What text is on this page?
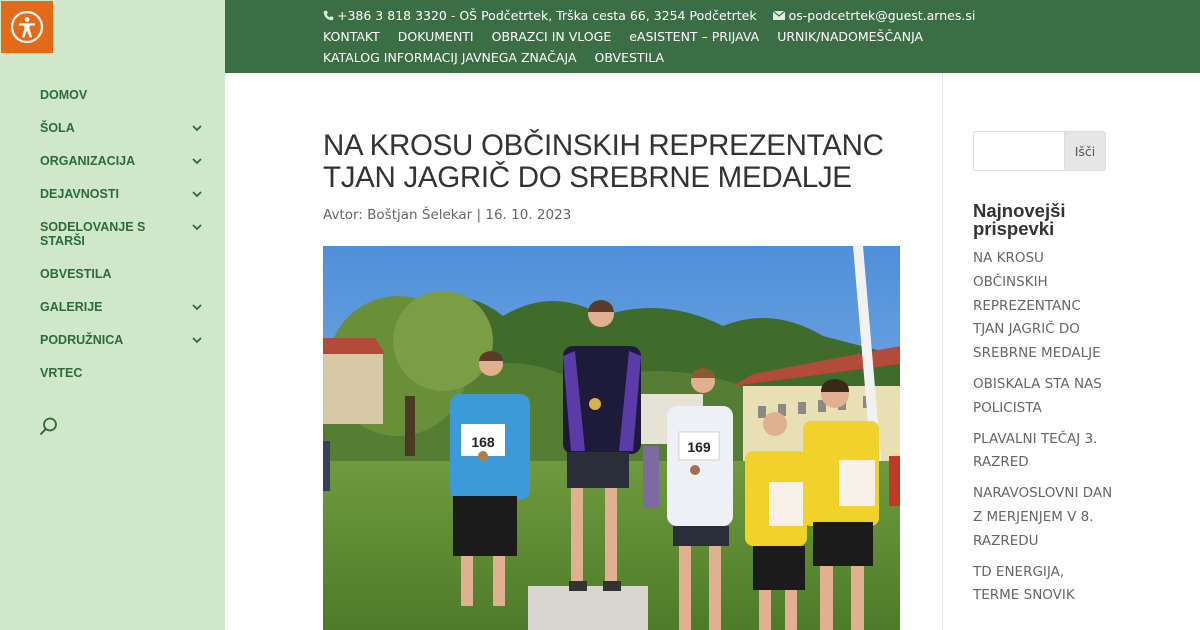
DOMOV
ŠOLA
ORGANIZACIJA
DEJAVNOSTI
SODELOVANJE S STARŠI
OBVESTILA
GALERIJE
PODRUŽNICA
VRTEC
+386 3 818 3320 - OŠ Podčetrtek, Trška cesta 66, 3254 Podčetrtek	os-podcetrtek@guest.arnes.si
KONTAKT DOKUMENTI OBRAZCI IN VLOGE eASISTENT – PRIJAVA URNIK/NADOMEŠČANJA
KATALOG INFORMACIJ JAVNEGA ZNAČAJA OBVESTILA
NA KROSU OBČINSKIH REPREZENTANC TJAN JAGRIČ DO SREBRNE MEDALJE
Avtor: Boštjan Šelekar | 16. 10. 2023
168	169
Išči
Najnovejši prispevki
NA KROSU OBČINSKIH REPREZENTANC TJAN JAGRIČ DO SREBRNE MEDALJE
OBISKALA STA NAS POLICISTA
PLAVALNI TEČAJ 3. RAZRED
NARAVOSLOVNI DAN Z MERJENJEM V 8. RAZREDU
TD ENERGIJA, TERME SNOVIK
